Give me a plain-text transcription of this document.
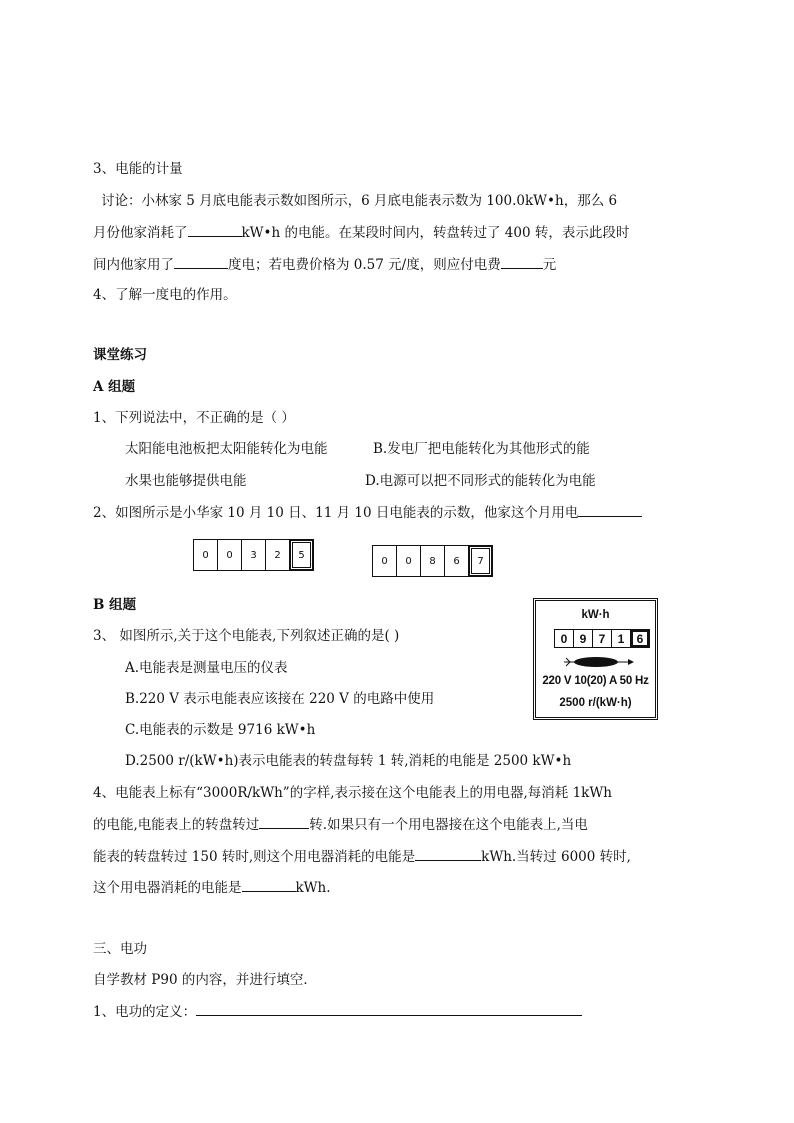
3、电能的计量
讨论：小林家 5 月底电能表示数如图所示，6 月底电能表示数为 100.0kW•h，那么 6
月份他家消耗了	kW•h 的电能。在某段时间内，转盘转过了 400 转，表示此段时
间内他家用了	度电；若电费价格为 0.57 元/度，则应付电费	元
4、了解一度电的作用。
课堂练习
A 组题
1、下列说法中，不正确的是（ ）
太阳能电池板把太阳能转化为电能	B.发电厂把电能转化为其他形式的能
水果也能够提供电能	D.电源可以把不同形式的能转化为电能
2、如图所示是小华家 10 月 10 日、11 月 10 日电能表的示数，他家这个月用电
0	0	3	2	5
0	0	8	6	7
B 组题
3、 如图所示,关于这个电能表,下列叙述正确的是( )
A.电能表是测量电压的仪表
B.220 V 表示电能表应该接在 220 V 的电路中使用
C.电能表的示数是 9716 kW•h
D.2500 r/(kW•h)表示电能表的转盘每转 1 转,消耗的电能是 2500 kW•h
kW·h
0	9	7	1	6
220 V 10(20) A 50 Hz
2500 r/(kW·h)
4、电能表上标有“3000R/kWh”的字样,表示接在这个电能表上的用电器,每消耗 1kWh
的电能,电能表上的转盘转过	转.如果只有一个用电器接在这个电能表上,当电
能表的转盘转过 150 转时,则这个用电器消耗的电能是	kWh.当转过 6000 转时,
这个用电器消耗的电能是	kWh.
三、电功
自学教材 P90 的内容，并进行填空．
1、电功的定义：
